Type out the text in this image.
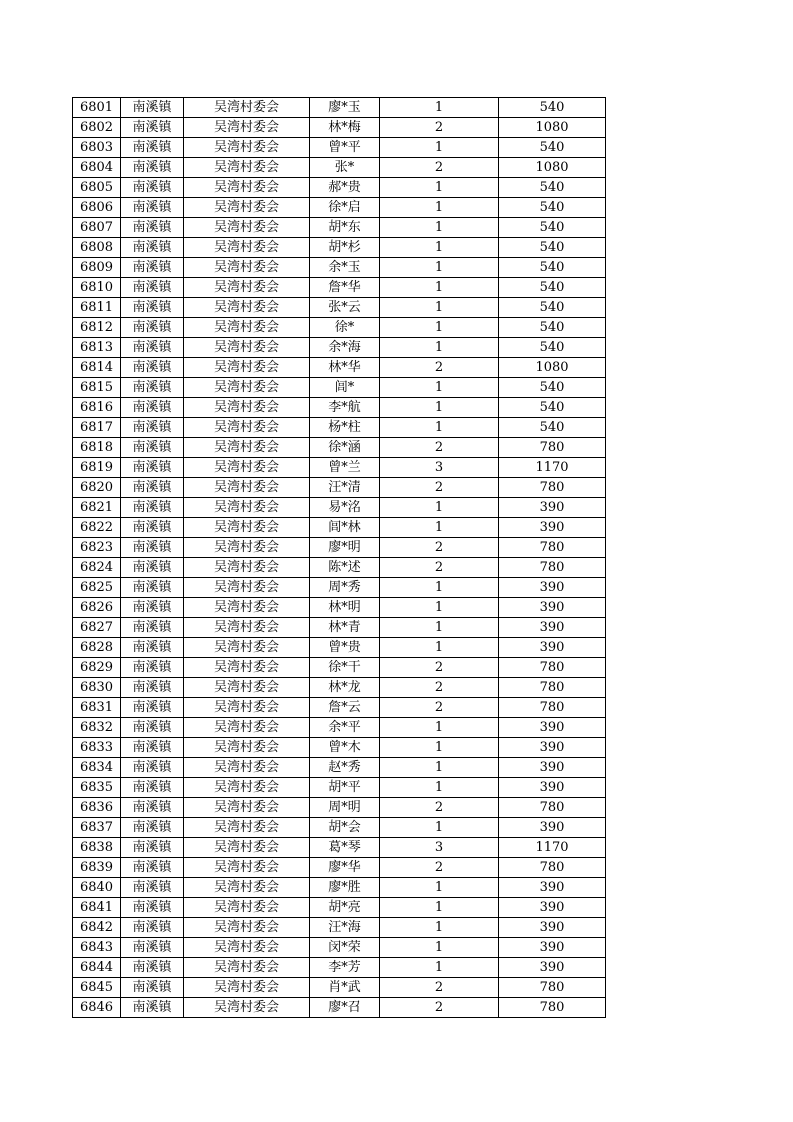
6801	南溪镇	吴湾村委会	廖*玉	1	540
6802	南溪镇	吴湾村委会	林*梅	2	1080
6803	南溪镇	吴湾村委会	曾*平	1	540
6804	南溪镇	吴湾村委会	张*	2	1080
6805	南溪镇	吴湾村委会	郝*贵	1	540
6806	南溪镇	吴湾村委会	徐*启	1	540
6807	南溪镇	吴湾村委会	胡*东	1	540
6808	南溪镇	吴湾村委会	胡*杉	1	540
6809	南溪镇	吴湾村委会	余*玉	1	540
6810	南溪镇	吴湾村委会	詹*华	1	540
6811	南溪镇	吴湾村委会	张*云	1	540
6812	南溪镇	吴湾村委会	徐*	1	540
6813	南溪镇	吴湾村委会	余*海	1	540
6814	南溪镇	吴湾村委会	林*华	2	1080
6815	南溪镇	吴湾村委会	闾*	1	540
6816	南溪镇	吴湾村委会	李*航	1	540
6817	南溪镇	吴湾村委会	杨*柱	1	540
6818	南溪镇	吴湾村委会	徐*涵	2	780
6819	南溪镇	吴湾村委会	曾*兰	3	1170
6820	南溪镇	吴湾村委会	汪*清	2	780
6821	南溪镇	吴湾村委会	易*洺	1	390
6822	南溪镇	吴湾村委会	闾*林	1	390
6823	南溪镇	吴湾村委会	廖*明	2	780
6824	南溪镇	吴湾村委会	陈*述	2	780
6825	南溪镇	吴湾村委会	周*秀	1	390
6826	南溪镇	吴湾村委会	林*明	1	390
6827	南溪镇	吴湾村委会	林*青	1	390
6828	南溪镇	吴湾村委会	曾*贵	1	390
6829	南溪镇	吴湾村委会	徐*干	2	780
6830	南溪镇	吴湾村委会	林*龙	2	780
6831	南溪镇	吴湾村委会	詹*云	2	780
6832	南溪镇	吴湾村委会	余*平	1	390
6833	南溪镇	吴湾村委会	曾*木	1	390
6834	南溪镇	吴湾村委会	赵*秀	1	390
6835	南溪镇	吴湾村委会	胡*平	1	390
6836	南溪镇	吴湾村委会	周*明	2	780
6837	南溪镇	吴湾村委会	胡*会	1	390
6838	南溪镇	吴湾村委会	葛*琴	3	1170
6839	南溪镇	吴湾村委会	廖*华	2	780
6840	南溪镇	吴湾村委会	廖*胜	1	390
6841	南溪镇	吴湾村委会	胡*亮	1	390
6842	南溪镇	吴湾村委会	汪*海	1	390
6843	南溪镇	吴湾村委会	闵*荣	1	390
6844	南溪镇	吴湾村委会	李*芳	1	390
6845	南溪镇	吴湾村委会	肖*武	2	780
6846	南溪镇	吴湾村委会	廖*召	2	780
